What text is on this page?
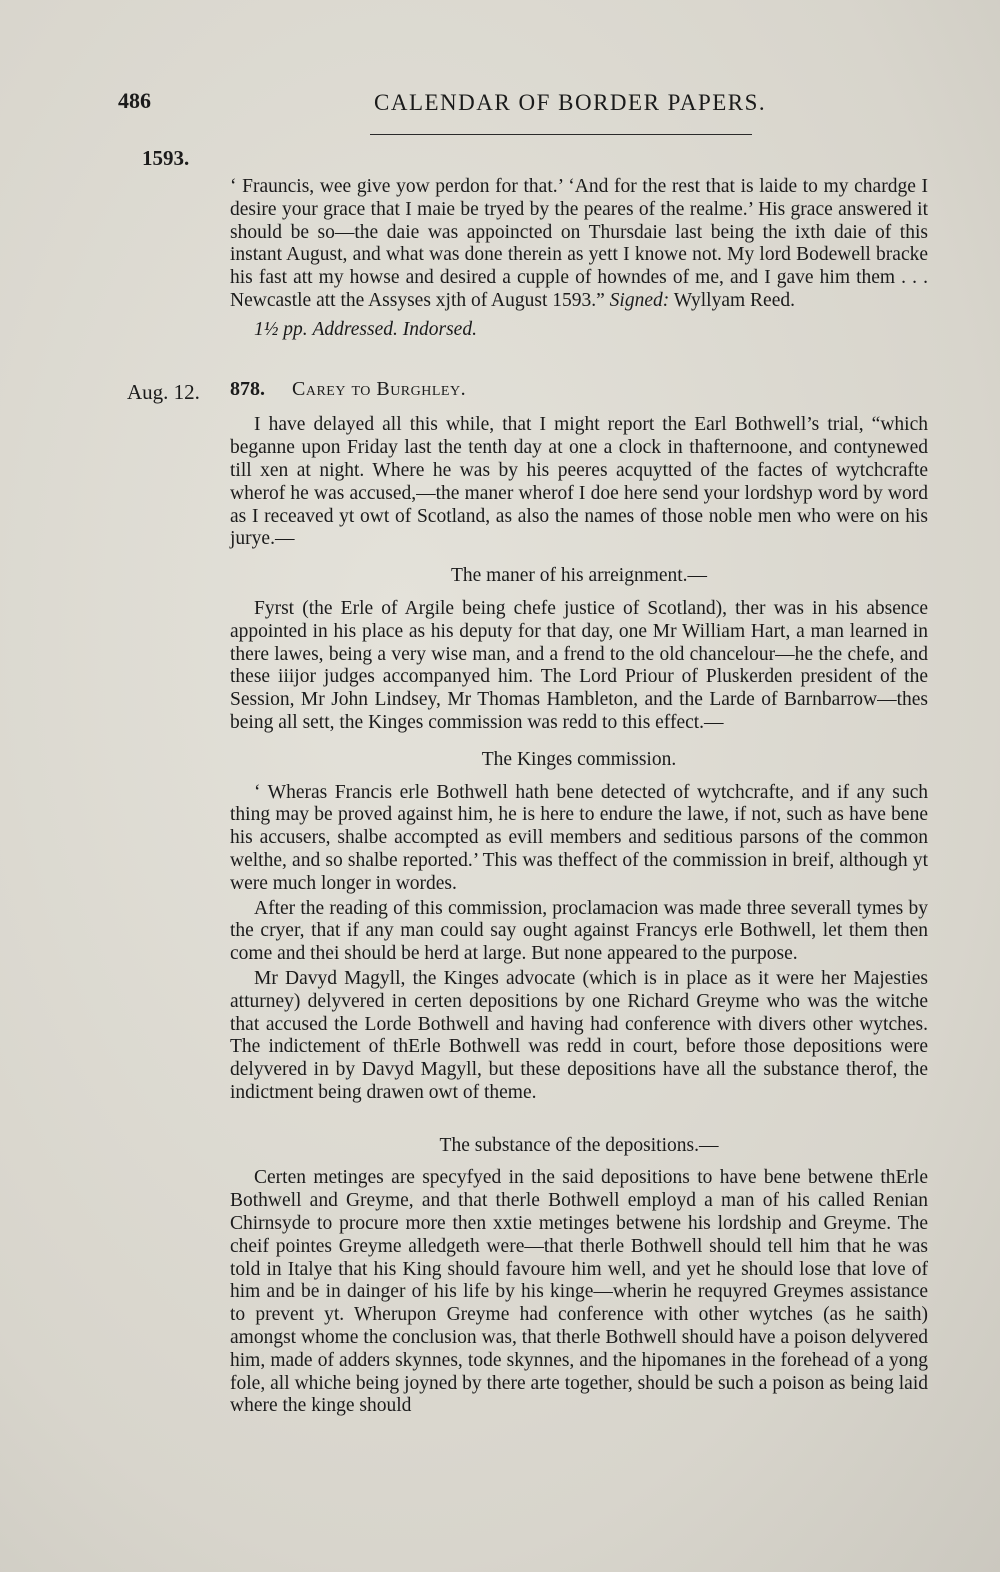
486	CALENDAR OF BORDER PAPERS.
1593.
Aug. 12.

‘ Frauncis, wee give yow perdon for that.’ ‘And for the rest that is laide to my chardge I desire your grace that I maie be tryed by the peares of the realme.’ His grace answered it should be so—the daie was appoincted on Thursdaie last being the ixth daie of this instant August, and what was done therein as yett I knowe not. My lord Bodewell bracke his fast att my howse and desired a cupple of howndes of me, and I gave him them . . . Newcastle att the Assyses xjth of August 1593.” Signed: Wyllyam Reed.

1½ pp. Addressed. Indorsed.

878. Carey to Burghley.

I have delayed all this while, that I might report the Earl Bothwell’s trial, “which beganne upon Friday last the tenth day at one a clock in thafternoone, and contynewed till xen at night. Where he was by his peeres acquytted of the factes of wytchcrafte wherof he was accused,—the maner wherof I doe here send your lordshyp word by word as I receaved yt owt of Scotland, as also the names of those noble men who were on his jurye.—

The maner of his arreignment.—

Fyrst (the Erle of Argile being chefe justice of Scotland), ther was in his absence appointed in his place as his deputy for that day, one Mr William Hart, a man learned in there lawes, being a very wise man, and a frend to the old chancelour—he the chefe, and these iiijor judges accompanyed him. The Lord Priour of Pluskerden president of the Session, Mr John Lindsey, Mr Thomas Hambleton, and the Larde of Barnbarrow—thes being all sett, the Kinges commission was redd to this effect.—

The Kinges commission.

‘ Wheras Francis erle Bothwell hath bene detected of wytchcrafte, and if any such thing may be proved against him, he is here to endure the lawe, if not, such as have bene his accusers, shalbe accompted as evill members and seditious parsons of the common welthe, and so shalbe reported.’ This was theffect of the commission in breif, although yt were much longer in wordes.

After the reading of this commission, proclamacion was made three severall tymes by the cryer, that if any man could say ought against Francys erle Bothwell, let them then come and thei should be herd at large. But none appeared to the purpose.

Mr Davyd Magyll, the Kinges advocate (which is in place as it were her Majesties atturney) delyvered in certen depositions by one Richard Greyme who was the witche that accused the Lorde Bothwell and having had conference with divers other wytches. The indictement of thErle Bothwell was redd in court, before those depositions were delyvered in by Davyd Magyll, but these depositions have all the substance therof, the indictment being drawen owt of theme.

The substance of the depositions.—

Certen metinges are specyfyed in the said depositions to have bene betwene thErle Bothwell and Greyme, and that therle Bothwell employd a man of his called Renian Chirnsyde to procure more then xxtie metinges betwene his lordship and Greyme. The cheif pointes Greyme alledgeth were—that therle Bothwell should tell him that he was told in Italye that his King should favoure him well, and yet he should lose that love of him and be in dainger of his life by his kinge—wherin he requyred Greymes assistance to prevent yt. Wherupon Greyme had conference with other wytches (as he saith) amongst whome the conclusion was, that therle Bothwell should have a poison delyvered him, made of adders skynnes, tode skynnes, and the hipomanes in the forehead of a yong fole, all whiche being joyned by there arte together, should be such a poison as being laid where the kinge should
